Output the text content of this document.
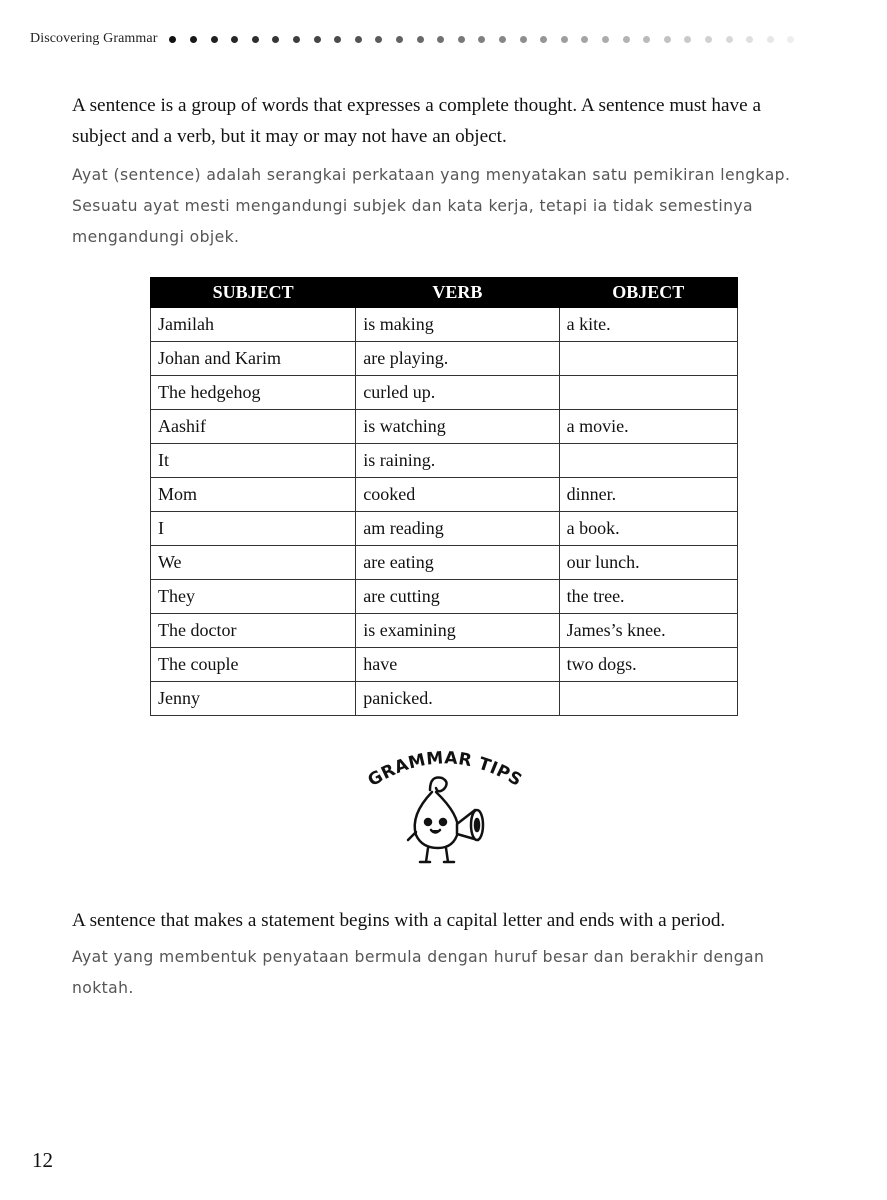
Discovering Grammar

A sentence is a group of words that expresses a complete thought. A sentence must have a subject and a verb, but it may or may not have an object.

Ayat (sentence) adalah serangkai perkataan yang menyatakan satu pemikiran lengkap. Sesuatu ayat mesti mengandungi subjek dan kata kerja, tetapi ia tidak semestinya mengandungi objek.

SUBJECT	VERB	OBJECT
Jamilah	is making	a kite.
Johan and Karim	are playing.	
The hedgehog	curled up.	
Aashif	is watching	a movie.
It	is raining.	
Mom	cooked	dinner.
I	am reading	a book.
We	are eating	our lunch.
They	are cutting	the tree.
The doctor	is examining	James’s knee.
The couple	have	two dogs.
Jenny	panicked.	
GRAMMAR TIPS

A sentence that makes a statement begins with a capital letter and ends with a period.

Ayat yang membentuk penyataan bermula dengan huruf besar dan berakhir dengan noktah.

12
